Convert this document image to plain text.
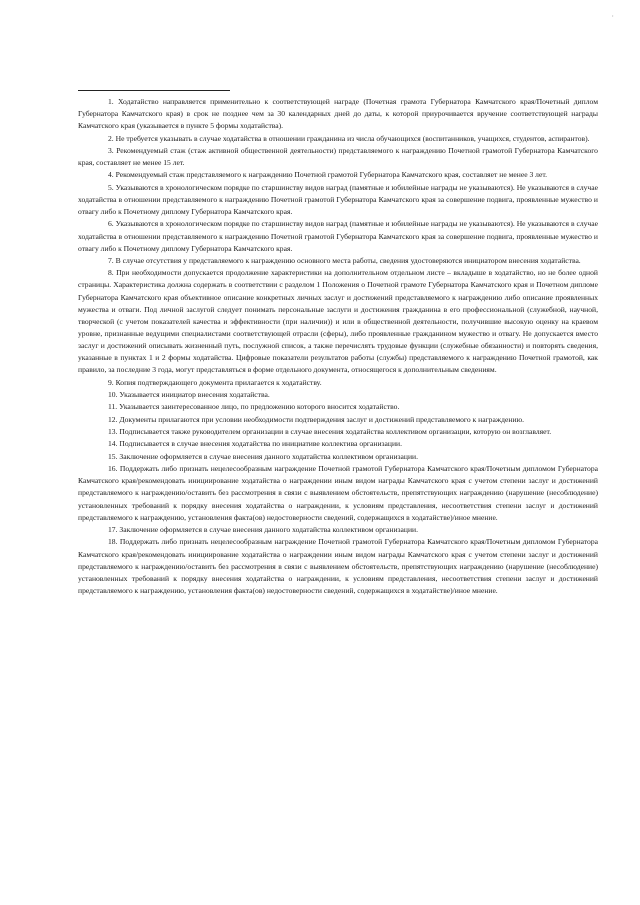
·

1. Ходатайство направляется применительно к соответствующей награде (Почетная грамота Губернатора Камчатского края/Почетный диплом Губернатора Камчатского края) в срок не позднее чем за 30 календарных дней до даты, к которой приурочивается вручение соответствующей награды Камчатского края (указывается в пункте 5 формы ходатайства).

2. Не требуется указывать в случае ходатайства в отношении гражданина из числа обучающихся (воспитанников, учащихся, студентов, аспирантов).

3. Рекомендуемый стаж (стаж активной общественной деятельности) представляемого к награждению Почетной грамотой Губернатора Камчатского края, составляет не менее 15 лет.

4. Рекомендуемый стаж представляемого к награждению Почетной грамотой Губернатора Камчатского края, составляет не менее 3 лет.

5. Указываются в хронологическом порядке по старшинству видов наград (памятные и юбилейные награды не указываются). Не указываются в случае ходатайства в отношении представляемого к награждению Почетной грамотой Губернатора Камчатского края за совершение подвига, проявленные мужество и отвагу либо к Почетному диплому Губернатора Камчатского края.

6. Указываются в хронологическом порядке по старшинству видов наград (памятные и юбилейные награды не указываются). Не указываются в случае ходатайства в отношении представляемого к награждению Почетной грамотой Губернатора Камчатского края за совершение подвига, проявленные мужество и отвагу либо к Почетному диплому Губернатора Камчатского края.

7. В случае отсутствия у представляемого к награждению основного места работы, сведения удостоверяются инициатором внесения ходатайства.

8. При необходимости допускается продолжение характеристики на дополнительном отдельном листе – вкладыше в ходатайство, но не более одной страницы. Характеристика должна содержать в соответствии с разделом 1 Положения о Почетной грамоте Губернатора Камчатского края и Почетном дипломе Губернатора Камчатского края объективное описание конкретных личных заслуг и достижений представляемого к награждению либо описание проявленных мужества и отваги. Под личной заслугой следует понимать персональные заслуги и достижения гражданина в его профессиональной (служебной, научной, творческой (с учетом показателей качества и эффективности (при наличии)) и или в общественной деятельности, получившие высокую оценку на краевом уровне, признанные ведущими специалистами соответствующей отрасли (сферы), либо проявленные гражданином мужество и отвагу. Не допускается вместо заслуг и достижений описывать жизненный путь, послужной список, а также перечислять трудовые функции (служебные обязанности) и повторять сведения, указанные в пунктах 1 и 2 формы ходатайства. Цифровые показатели результатов работы (службы) представляемого к награждению Почетной грамотой, как правило, за последние 3 года, могут представляться в форме отдельного документа, относящегося к дополнительным сведениям.

9. Копия подтверждающего документа прилагается к ходатайству.

10. Указывается инициатор внесения ходатайства.

11. Указывается заинтересованное лицо, по предложению которого вносится ходатайство.

12. Документы прилагаются при условии необходимости подтверждения заслуг и достижений представляемого к награждению.

13. Подписывается также руководителем организации в случае внесения ходатайства коллективом организации, которую он возглавляет.

14. Подписывается в случае внесения ходатайства по инициативе коллектива организации.

15. Заключение оформляется в случае внесения данного ходатайства коллективом организации.

16. Поддержать либо признать нецелесообразным награждение Почетной грамотой Губернатора Камчатского края/Почетным дипломом Губернатора Камчатского края/рекомендовать инициирование ходатайства о награждении иным видом награды Камчатского края с учетом степени заслуг и достижений представляемого к награждению/оставить без рассмотрения в связи с выявлением обстоятельств, препятствующих награждению (нарушение (несоблюдение) установленных требований к порядку внесения ходатайства о награждении, к условиям представления, несоответствия степени заслуг и достижений представляемого к награждению, установления факта(ов) недостоверности сведений, содержащихся в ходатайстве)/иное мнение.

17. Заключение оформляется в случае внесения данного ходатайства коллективом организации.

18. Поддержать либо признать нецелесообразным награждение Почетной грамотой Губернатора Камчатского края/Почетным дипломом Губернатора Камчатского края/рекомендовать инициирование ходатайства о награждении иным видом награды Камчатского края с учетом степени заслуг и достижений представляемого к награждению/оставить без рассмотрения в связи с выявлением обстоятельств, препятствующих награждению (нарушение (несоблюдение) установленных требований к порядку внесения ходатайства о награждении, к условиям представления, несоответствия степени заслуг и достижений представляемого к награждению, установления факта(ов) недостоверности сведений, содержащихся в ходатайстве)/иное мнение.
